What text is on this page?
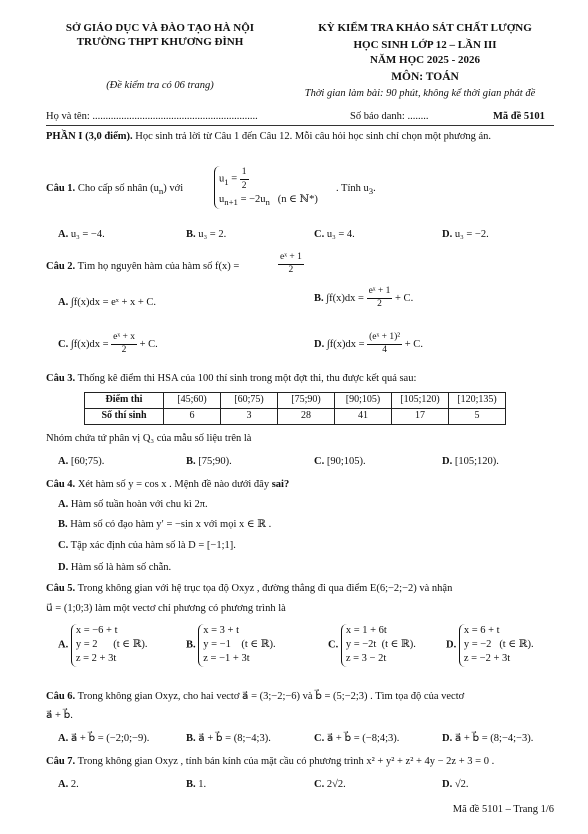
SỞ GIÁO DỤC VÀ ĐÀO TẠO HÀ NỘI
TRƯỜNG THPT KHƯƠNG ĐÌNH
(Đề kiểm tra có 06 trang)
KỲ KIỂM TRA KHẢO SÁT CHẤT LƯỢNG
HỌC SINH LỚP 12 – LẦN III
NĂM HỌC 2025 - 2026
MÔN: TOÁN
Thời gian làm bài: 90 phút, không kể thời gian phát đề
Họ và tên: ...............................................................	Số báo danh: ........	Mã đề 5101
PHẦN I (3,0 điểm). Học sinh trả lời từ Câu 1 đến Câu 12. Mỗi câu hỏi học sinh chỉ chọn một phương án.
Câu 1. Cho cấp số nhân $(u_n)$ với
$u_1 = \frac{1}{2}$
$u_{n+1} = -2u_n$ (n ∈ ℕ*)
. Tính $u_3$.
A. u₃ = −4.	B. u₃ = 2.	C. u₃ = 4.	D. u₃ = −2.
Câu 2. Tìm họ nguyên hàm của hàm số f(x) =	$\frac{\text{eˣ + 1}}{2}$
A. ∫f(x)dx = eˣ + x + C.	B. $\int f(x)dx = \frac{\text{eˣ + 1}}{2} + C$.
C. $\int f(x)dx = \frac{\text{eˣ + x}}{2} + C$.	D. $\int f(x)dx = \frac{\text{(eˣ + 1)²}}{4} + C$.
Câu 3. Thống kê điểm thi HSA của 100 thí sinh trong một đợt thi, thu được kết quả sau:
Điểm thi	[45;60)	[60;75)	[75;90)	[90;105)	[105;120)	[120;135)
Số thí sinh	6	3	28	41	17	5
Nhóm chứa tứ phân vị Q₃ của mẫu số liệu trên là
A. [60;75).	B. [75;90).	C. [90;105).	D. [105;120).
Câu 4. Xét hàm số y = cos x . Mệnh đề nào dưới đây sai?
A. Hàm số tuần hoàn với chu kì 2π.
B. Hàm số có đạo hàm y′ = −sin x với mọi x ∈ ℝ .
C. Tập xác định của hàm số là D = [−1;1].
D. Hàm số là hàm số chẵn.
Câu 5. Trong không gian với hệ trục tọa độ Oxyz , đường thẳng đi qua điểm E(6;−2;−2) và nhận
u⃗ = (1;0;3) làm một vectơ chỉ phương có phương trình là
A.
x = −6 + t
y = 2 (t ∈ ℝ).
z = 2 + 3t
B.
x = 3 + t
y = −1 (t ∈ ℝ).
z = −1 + 3t
C.
x = 1 + 6t
y = −2t (t ∈ ℝ).
z = 3 − 2t
D.
x = 6 + t
y = −2 (t ∈ ℝ).
z = −2 + 3t
Câu 6. Trong không gian Oxyz, cho hai vectơ a⃗ = (3;−2;−6) và b⃗ = (5;−2;3) . Tìm tọa độ của vectơ
a⃗ + b⃗.
A. a⃗ + b⃗ = (−2;0;−9).	B. a⃗ + b⃗ = (8;−4;3).	C. a⃗ + b⃗ = (−8;4;3).	D. a⃗ + b⃗ = (8;−4;−3).
Câu 7. Trong không gian Oxyz , tính bán kính của mặt cầu có phương trình x² + y² + z² + 4y − 2z + 3 = 0 .
A. 2.	B. 1.	C. 2√2.	D. √2.
Mã đề 5101 – Trang 1/6
